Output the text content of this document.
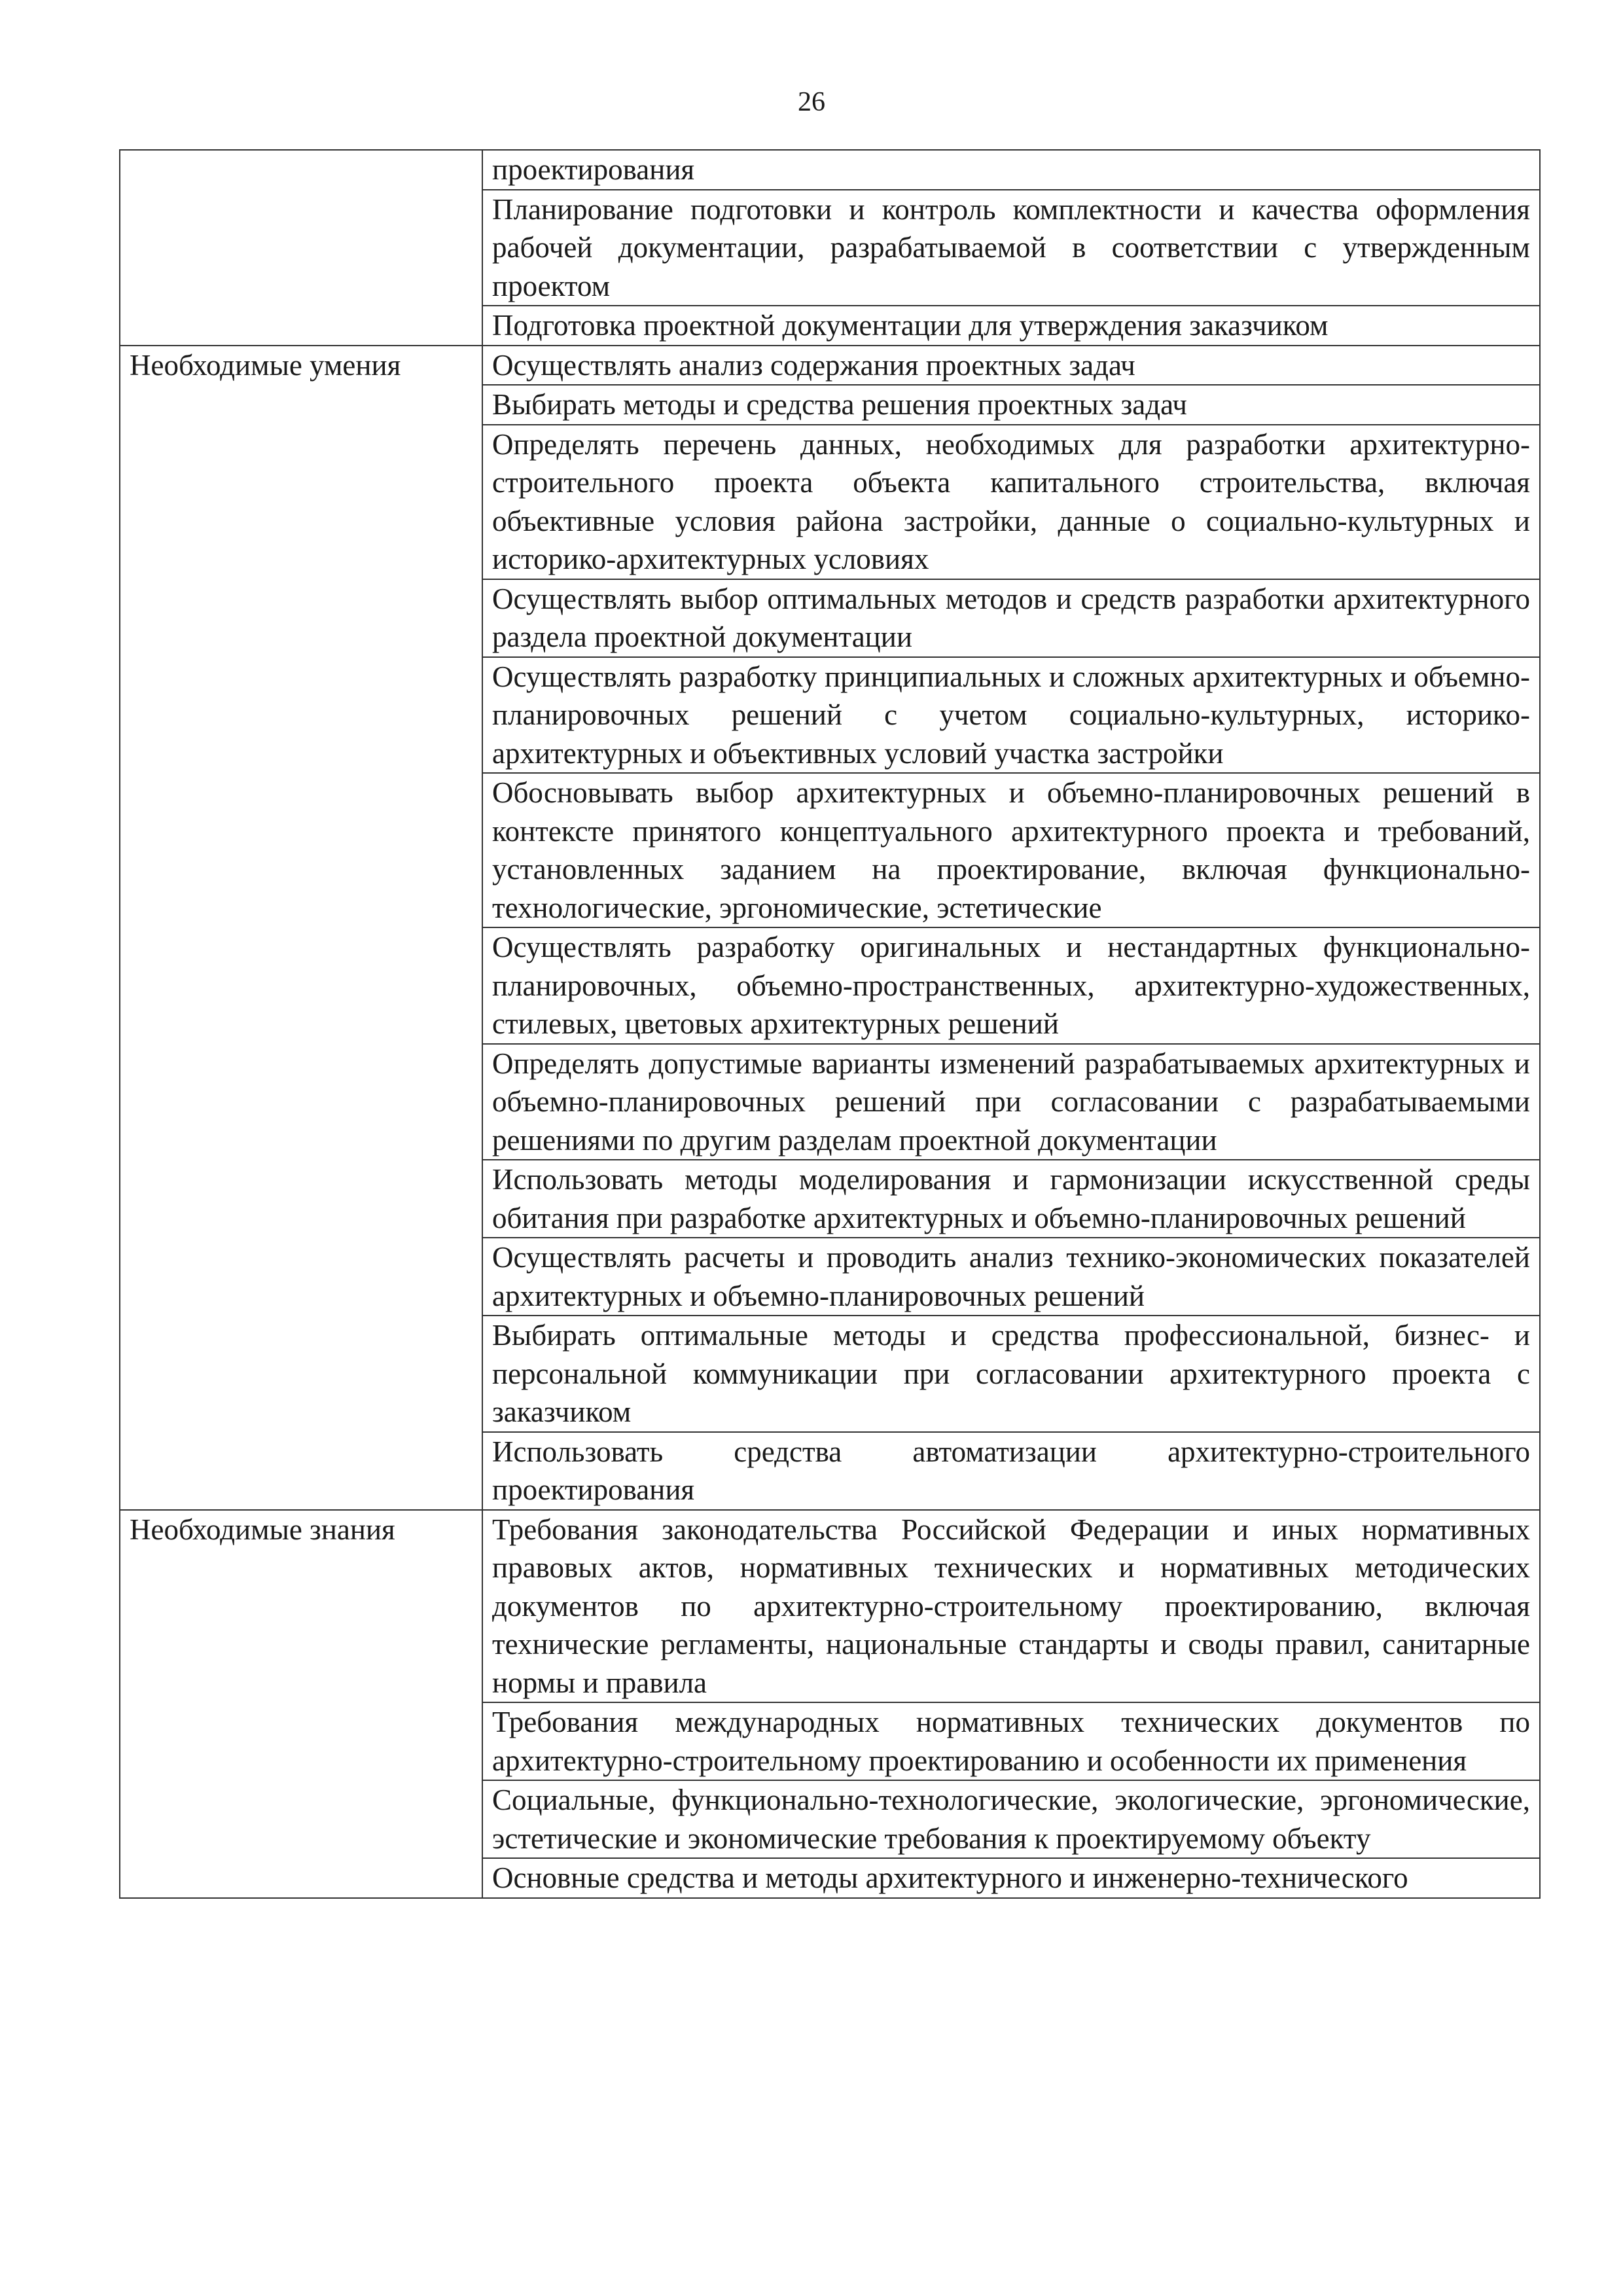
26
	проектирования
	Планирование подготовки и контроль комплектности и качества оформления рабочей документации, разрабатываемой в соответствии с утвержденным проектом
	Подготовка проектной документации для утверждения заказчиком
Необходимые умения	Осуществлять анализ содержания проектных задач
	Выбирать методы и средства решения проектных задач
	Определять перечень данных, необходимых для разработки архитектурно-строительного проекта объекта капитального строительства, включая объективные условия района застройки, данные о социально-культурных и историко-архитектурных условиях
	Осуществлять выбор оптимальных методов и средств разработки архитектурного раздела проектной документации
	Осуществлять разработку принципиальных и сложных архитектурных и объемно-планировочных решений с учетом социально-культурных, историко-архитектурных и объективных условий участка застройки
	Обосновывать выбор архитектурных и объемно-планировочных решений в контексте принятого концептуального архитектурного проекта и требований, установленных заданием на проектирование, включая функционально-технологические, эргономические, эстетические
	Осуществлять разработку оригинальных и нестандартных функционально-планировочных, объемно-пространственных, архитектурно-художественных, стилевых, цветовых архитектурных решений
	Определять допустимые варианты изменений разрабатываемых архитектурных и объемно-планировочных решений при согласовании с разрабатываемыми решениями по другим разделам проектной документации
	Использовать методы моделирования и гармонизации искусственной среды обитания при разработке архитектурных и объемно-планировочных решений
	Осуществлять расчеты и проводить анализ технико-экономических показателей архитектурных и объемно-планировочных решений
	Выбирать оптимальные методы и средства профессиональной, бизнес- и персональной коммуникации при согласовании архитектурного проекта с заказчиком
	Использовать средства автоматизации архитектурно-строительного проектирования
Необходимые знания	Требования законодательства Российской Федерации и иных нормативных правовых актов, нормативных технических и нормативных методических документов по архитектурно-строительному проектированию, включая технические регламенты, национальные стандарты и своды правил, санитарные нормы и правила
	Требования международных нормативных технических документов по архитектурно-строительному проектированию и особенности их применения
	Социальные, функционально-технологические, экологические, эргономические, эстетические и экономические требования к проектируемому объекту
	Основные средства и методы архитектурного и инженерно-технического
